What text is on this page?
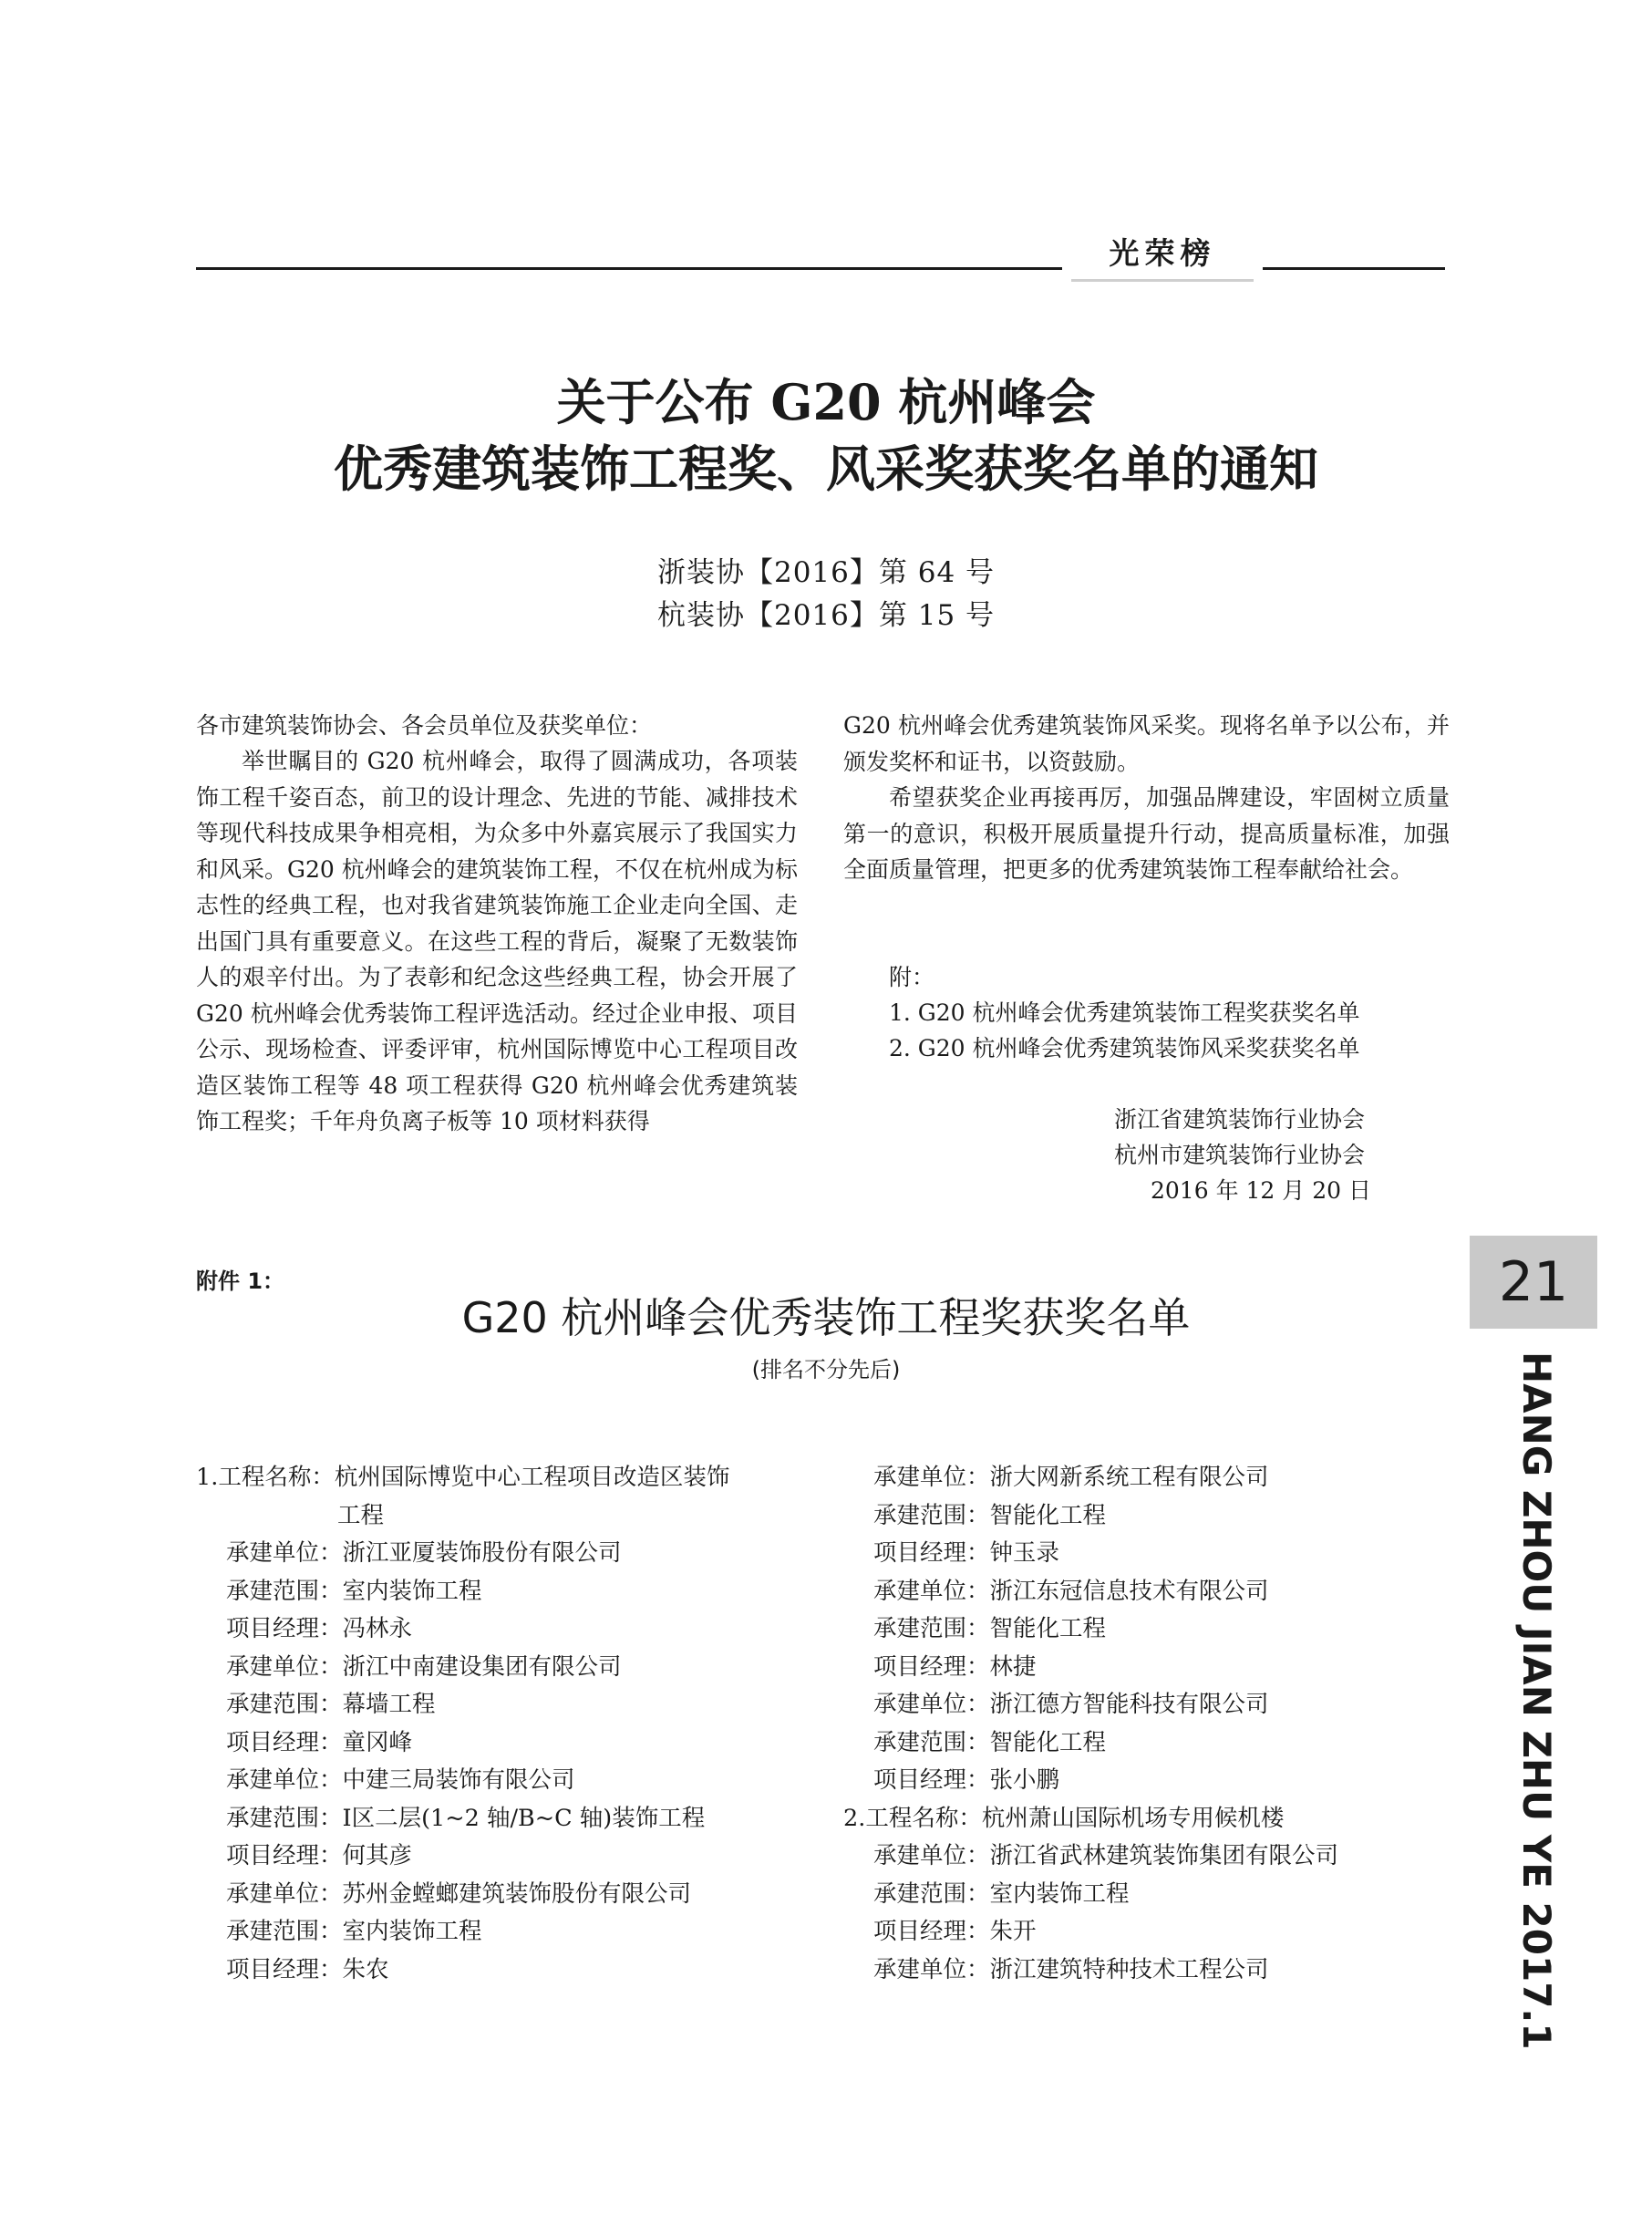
光荣榜
关于公布 G20 杭州峰会
优秀建筑装饰工程奖、风采奖获奖名单的通知
浙装协【2016】第 64 号
杭装协【2016】第 15 号
各市建筑装饰协会、各会员单位及获奖单位：

举世瞩目的 G20 杭州峰会，取得了圆满成功，各项装饰工程千姿百态，前卫的设计理念、先进的节能、减排技术等现代科技成果争相亮相，为众多中外嘉宾展示了我国实力和风采。G20 杭州峰会的建筑装饰工程，不仅在杭州成为标志性的经典工程，也对我省建筑装饰施工企业走向全国、走出国门具有重要意义。在这些工程的背后，凝聚了无数装饰人的艰辛付出。为了表彰和纪念这些经典工程，协会开展了 G20 杭州峰会优秀装饰工程评选活动。经过企业申报、项目公示、现场检查、评委评审，杭州国际博览中心工程项目改造区装饰工程等 48 项工程获得 G20 杭州峰会优秀建筑装饰工程奖；千年舟负离子板等 10 项材料获得

G20 杭州峰会优秀建筑装饰风采奖。现将名单予以公布，并颁发奖杯和证书，以资鼓励。

希望获奖企业再接再厉，加强品牌建设，牢固树立质量第一的意识，积极开展质量提升行动，提高质量标准，加强全面质量管理，把更多的优秀建筑装饰工程奉献给社会。

附：
1. G20 杭州峰会优秀建筑装饰工程奖获奖名单
2. G20 杭州峰会优秀建筑装饰风采奖获奖名单
浙江省建筑装饰行业协会
杭州市建筑装饰行业协会
2016 年 12 月 20 日
附件 1：
G20 杭州峰会优秀装饰工程奖获奖名单
(排名不分先后)
1.工程名称：杭州国际博览中心工程项目改造区装饰
工程
承建单位：浙江亚厦装饰股份有限公司
承建范围：室内装饰工程
项目经理：冯林永
承建单位：浙江中南建设集团有限公司
承建范围：幕墙工程
项目经理：童冈峰
承建单位：中建三局装饰有限公司
承建范围：Ⅰ区二层(1~2 轴/B~C 轴)装饰工程
项目经理：何其彦
承建单位：苏州金螳螂建筑装饰股份有限公司
承建范围：室内装饰工程
项目经理：朱农
承建单位：浙大网新系统工程有限公司
承建范围：智能化工程
项目经理：钟玉录
承建单位：浙江东冠信息技术有限公司
承建范围：智能化工程
项目经理：林捷
承建单位：浙江德方智能科技有限公司
承建范围：智能化工程
项目经理：张小鹏
2.工程名称：杭州萧山国际机场专用候机楼
承建单位：浙江省武林建筑装饰集团有限公司
承建范围：室内装饰工程
项目经理：朱开
承建单位：浙江建筑特种技术工程公司
21
HANG ZHOU JIAN ZHU YE 2017.1
